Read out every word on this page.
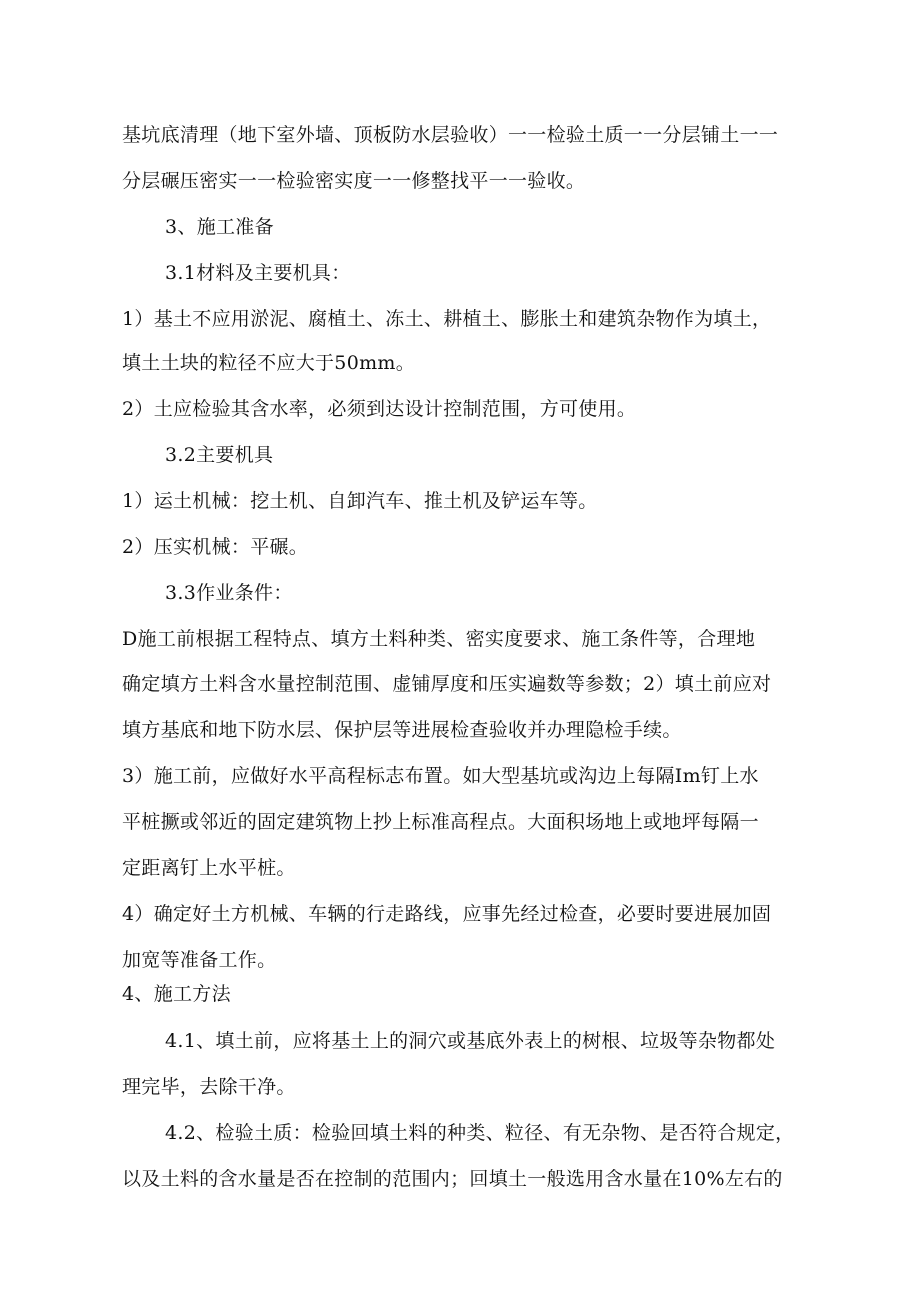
基坑底清理（地下室外墙、顶板防水层验收）一一检验土质一一分层铺土一一
分层碾压密实一一检验密实度一一修整找平一一验收。
3、施工准备
3.1材料及主要机具：
1）基土不应用淤泥、腐植土、冻土、耕植土、膨胀土和建筑杂物作为填土，
填土土块的粒径不应大于50mm。
2）土应检验其含水率，必须到达设计控制范围，方可使用。
3.2主要机具
1）运土机械：挖土机、自卸汽车、推土机及铲运车等。
2）压实机械：平碾。
3.3作业条件：
D施工前根据工程特点、填方土料种类、密实度要求、施工条件等，合理地
确定填方土料含水量控制范围、虚铺厚度和压实遍数等参数；2）填土前应对
填方基底和地下防水层、保护层等进展检查验收并办理隐检手续。
3）施工前，应做好水平高程标志布置。如大型基坑或沟边上每隔Im钉上水
平桩撅或邻近的固定建筑物上抄上标准高程点。大面积场地上或地坪每隔一
定距离钉上水平桩。
4）确定好土方机械、车辆的行走路线，应事先经过检查，必要时要进展加固
加宽等准备工作。
4、施工方法
4.1、填土前，应将基土上的洞穴或基底外表上的树根、垃圾等杂物都处
理完毕，去除干净。
4.2、检验土质：检验回填土料的种类、粒径、有无杂物、是否符合规定，
以及土料的含水量是否在控制的范围内；回填土一般选用含水量在10%左右的
